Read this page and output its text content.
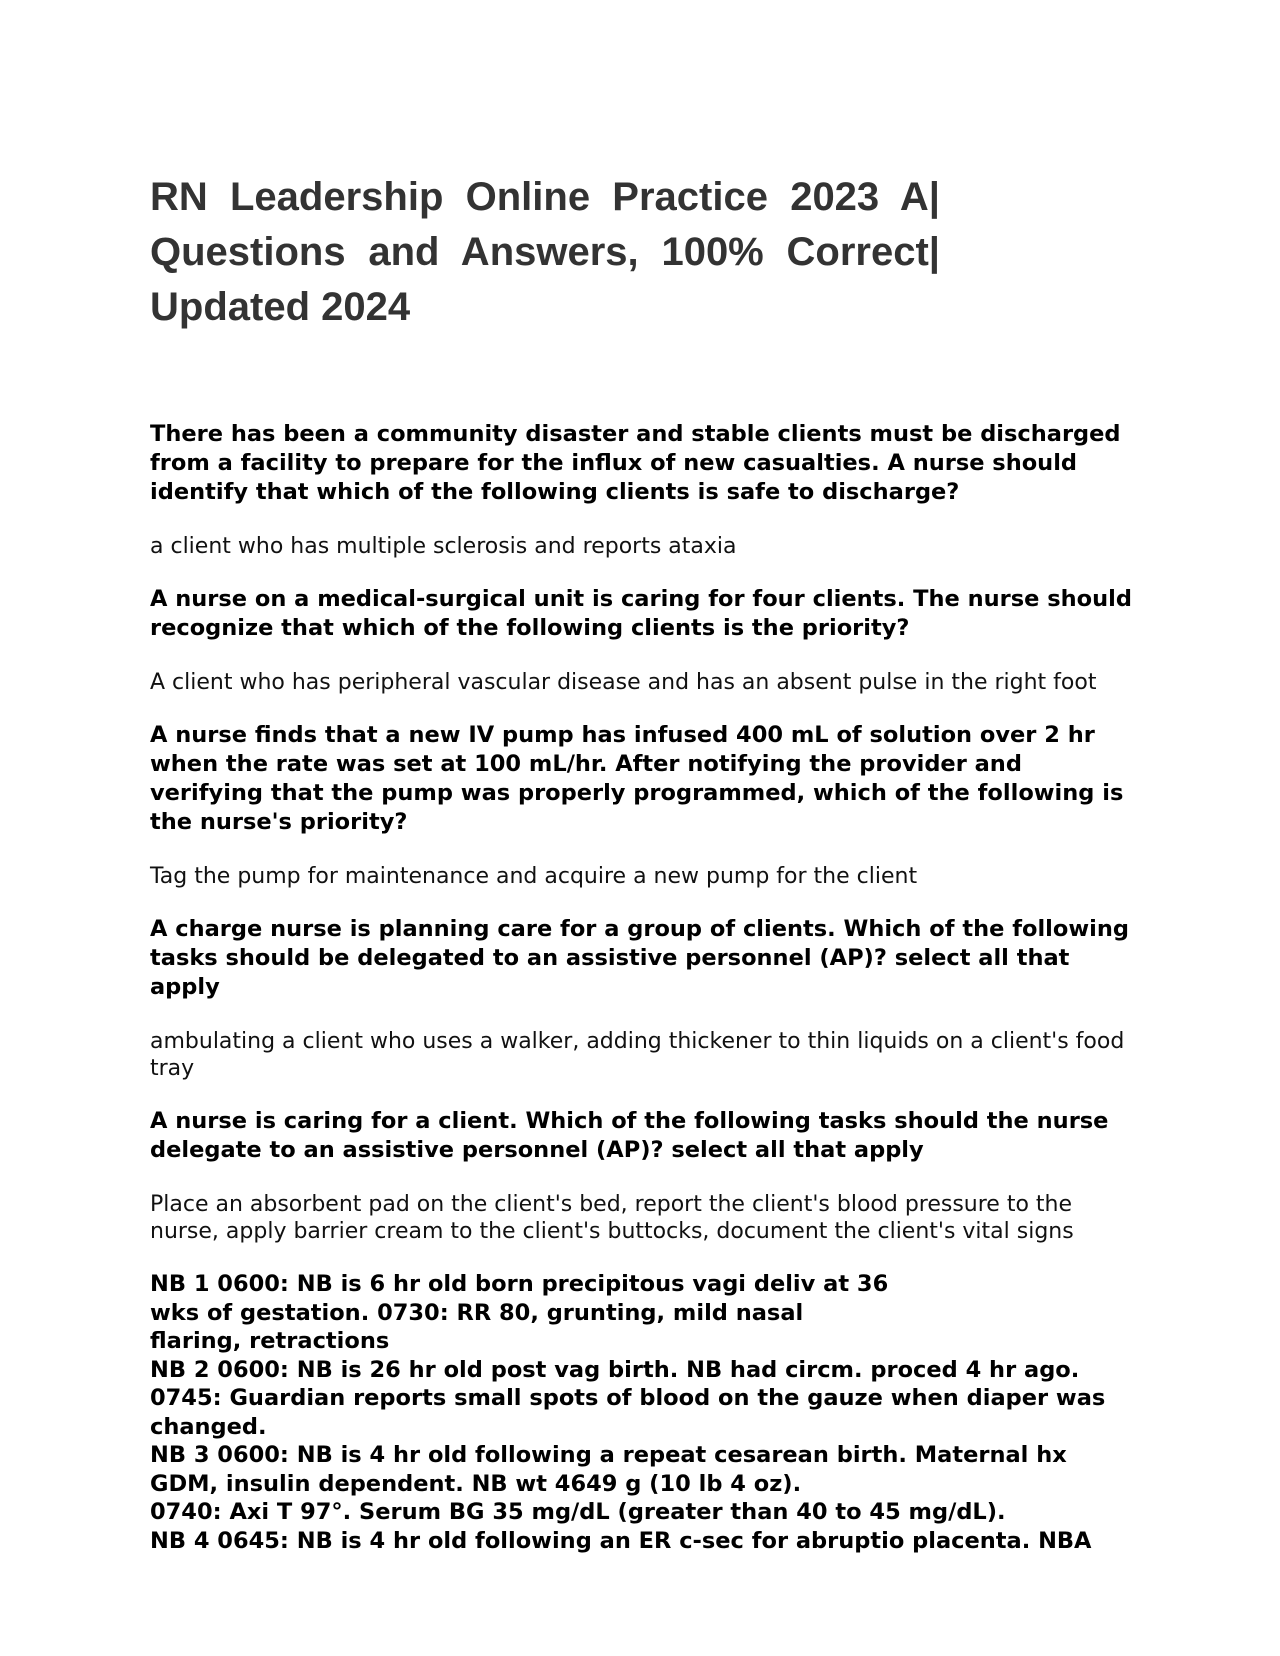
RN Leadership Online Practice 2023 A| Questions and Answers, 100% Correct| Updated 2024

There has been a community disaster and stable clients must be discharged from a facility to prepare for the influx of new casualties. A nurse should identify that which of the following clients is safe to discharge?

a client who has multiple sclerosis and reports ataxia

A nurse on a medical-surgical unit is caring for four clients. The nurse should recognize that which of the following clients is the priority?

A client who has peripheral vascular disease and has an absent pulse in the right foot

A nurse finds that a new IV pump has infused 400 mL of solution over 2 hr when the rate was set at 100 mL/hr. After notifying the provider and verifying that the pump was properly programmed, which of the following is the nurse's priority?

Tag the pump for maintenance and acquire a new pump for the client

A charge nurse is planning care for a group of clients. Which of the following tasks should be delegated to an assistive personnel (AP)? select all that apply

ambulating a client who uses a walker, adding thickener to thin liquids on a client's food tray

A nurse is caring for a client. Which of the following tasks should the nurse delegate to an assistive personnel (AP)? select all that apply

Place an absorbent pad on the client's bed, report the client's blood pressure to the nurse, apply barrier cream to the client's buttocks, document the client's vital signs

NB 1 0600: NB is 6 hr old born precipitous vagi deliv at 36
wks of gestation. 0730: RR 80, grunting, mild nasal
flaring, retractions
NB 2 0600: NB is 26 hr old post vag birth. NB had circm. proced 4 hr ago.
0745: Guardian reports small spots of blood on the gauze when diaper was
changed.
NB 3 0600: NB is 4 hr old following a repeat cesarean birth. Maternal hx
GDM, insulin dependent. NB wt 4649 g (10 lb 4 oz).
0740: Axi T 97°. Serum BG 35 mg/dL (greater than 40 to 45 mg/dL).
NB 4 0645: NB is 4 hr old following an ER c-sec for abruptio placenta. NBA
